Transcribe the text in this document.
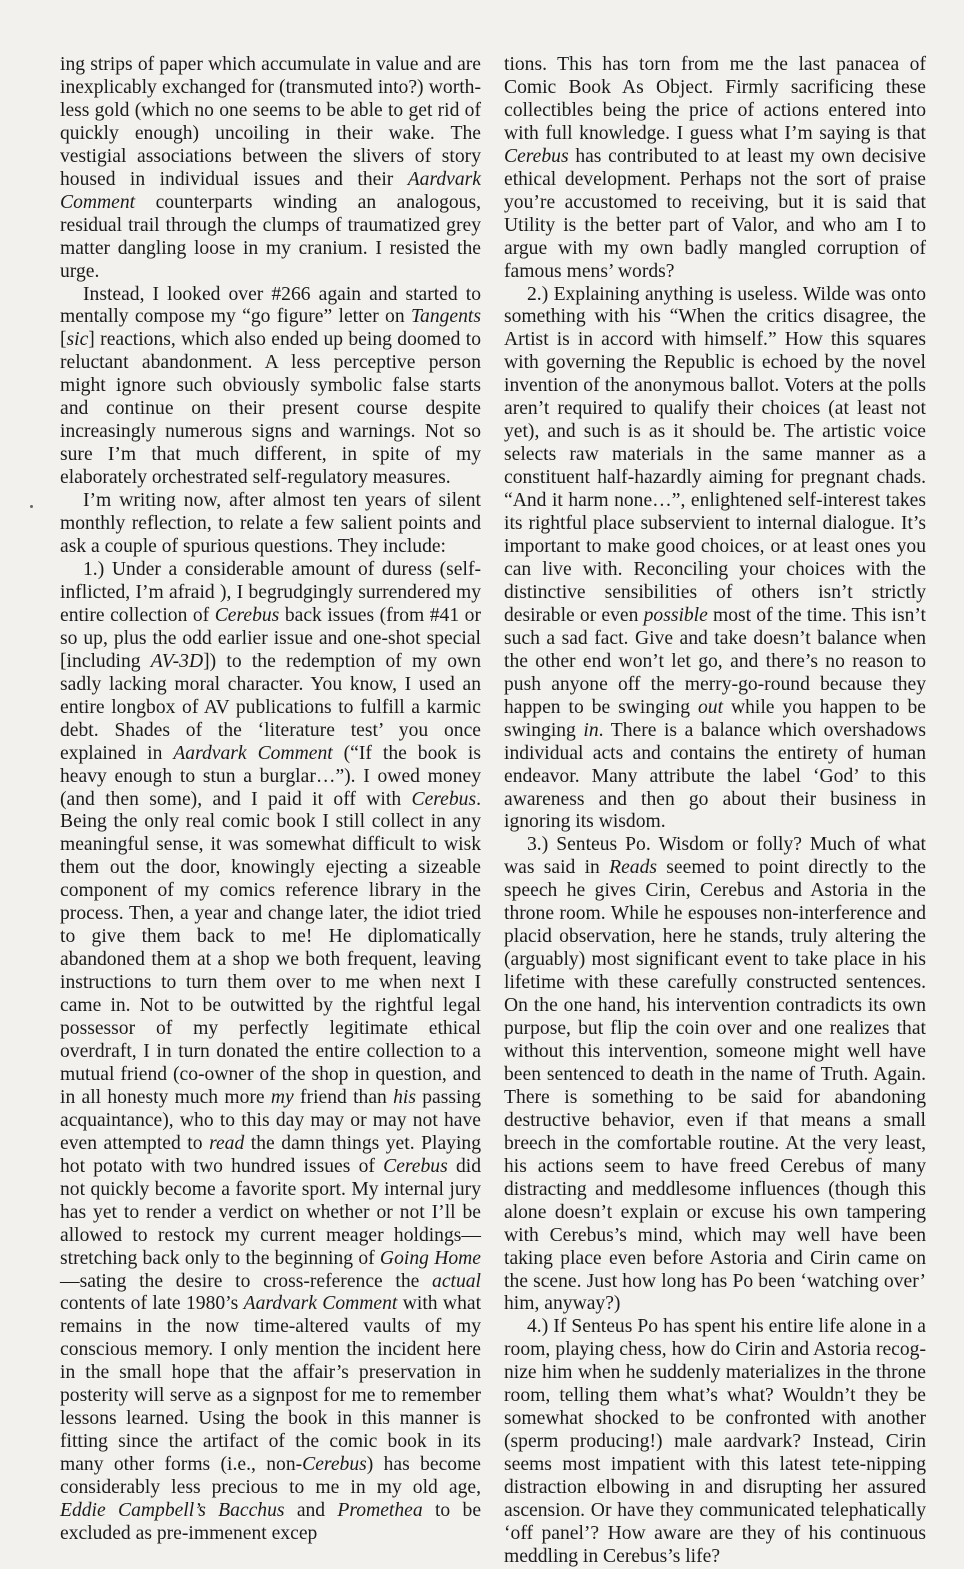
ing strips of paper which accumulate in value and are inexplicably exchanged for (transmuted into?) worthless gold (which no one seems to be able to get rid of quickly enough) uncoiling in their wake. The vestigial associations between the slivers of story housed in individual issues and their Aardvark Comment counterparts winding an analogous, residual trail through the clumps of traumatized grey matter dangling loose in my cranium. I resisted the urge.

Instead, I looked over #266 again and started to mentally compose my “go figure” letter on Tangents [sic] reactions, which also ended up being doomed to reluctant abandonment. A less perceptive person might ignore such obviously symbolic false starts and continue on their present course despite increasingly numerous signs and warnings. Not so sure I’m that much different, in spite of my elaborately orchestrated self-regulatory measures.

I’m writing now, after almost ten years of silent monthly reflection, to relate a few salient points and ask a couple of spurious questions. They include:

1.) Under a considerable amount of duress (self-inflicted, I’m afraid ), I begrudgingly surrendered my entire collection of Cerebus back issues (from #41 or so up, plus the odd earlier issue and one-shot special [including AV-3D]) to the redemption of my own sadly lacking moral character. You know, I used an entire longbox of AV publications to fulfill a karmic debt. Shades of the ‘literature test’ you once explained in Aardvark Comment (“If the book is heavy enough to stun a burglar…”). I owed money (and then some), and I paid it off with Cerebus. Being the only real comic book I still collect in any meaningful sense, it was somewhat difficult to wisk them out the door, knowingly ejecting a sizeable component of my comics reference library in the process. Then, a year and change later, the idiot tried to give them back to me! He diplomatically abandoned them at a shop we both frequent, leaving instructions to turn them over to me when next I came in. Not to be outwitted by the rightful legal possessor of my perfectly legitimate ethical overdraft, I in turn donated the entire collection to a mutual friend (co-owner of the shop in question, and in all honesty much more my friend than his passing acquaintance), who to this day may or may not have even attempted to read the damn things yet. Playing hot potato with two hundred issues of Cerebus did not quickly become a favorite sport. My internal jury has yet to render a verdict on whether or not I’ll be allowed to restock my current meager holdings—stretching back only to the beginning of Going Home—sating the desire to cross-reference the actual contents of late 1980’s Aardvark Comment with what remains in the now time-altered vaults of my conscious memory. I only mention the incident here in the small hope that the affair’s preservation in posterity will serve as a signpost for me to remember lessons learned. Using the book in this manner is fitting since the artifact of the comic book in its many other forms (i.e., non-Cerebus) has become considerably less precious to me in my old age, Eddie Campbell’s Bacchus and Promethea to be excluded as pre-immenent excep

tions. This has torn from me the last panacea of Comic Book As Object. Firmly sacrificing these collectibles being the price of actions entered into with full knowledge. I guess what I’m saying is that Cerebus has contributed to at least my own decisive ethical development. Perhaps not the sort of praise you’re accustomed to receiving, but it is said that Utility is the better part of Valor, and who am I to argue with my own badly mangled corruption of famous mens’ words?

2.) Explaining anything is useless. Wilde was onto something with his “When the critics disagree, the Artist is in accord with himself.” How this squares with governing the Republic is echoed by the novel invention of the anonymous ballot. Voters at the polls aren’t required to qualify their choices (at least not yet), and such is as it should be. The artistic voice selects raw materials in the same manner as a constituent half-hazardly aiming for pregnant chads. “And it harm none…”, enlightened self-interest takes its rightful place subservient to internal dialogue. It’s important to make good choices, or at least ones you can live with. Reconciling your choices with the distinctive sensibilities of others isn’t strictly desirable or even possible most of the time. This isn’t such a sad fact. Give and take doesn’t balance when the other end won’t let go, and there’s no reason to push anyone off the merry-go-round because they happen to be swinging out while you happen to be swinging in. There is a balance which overshadows individual acts and contains the entirety of human endeavor. Many attribute the label ‘God’ to this awareness and then go about their business in ignoring its wisdom.

3.) Senteus Po. Wisdom or folly? Much of what was said in Reads seemed to point directly to the speech he gives Cirin, Cerebus and Astoria in the throne room. While he espouses non-interference and placid observation, here he stands, truly altering the (arguably) most significant event to take place in his lifetime with these carefully constructed sentences. On the one hand, his intervention contradicts its own purpose, but flip the coin over and one realizes that without this intervention, someone might well have been sentenced to death in the name of Truth. Again. There is something to be said for abandoning destructive behavior, even if that means a small breech in the comfortable routine. At the very least, his actions seem to have freed Cerebus of many distracting and meddlesome influences (though this alone doesn’t explain or excuse his own tampering with Cerebus’s mind, which may well have been taking place even before Astoria and Cirin came on the scene. Just how long has Po been ‘watching over’ him, anyway?)

4.) If Senteus Po has spent his entire life alone in a room, playing chess, how do Cirin and Astoria recognize him when he suddenly materializes in the throne room, telling them what’s what? Wouldn’t they be somewhat shocked to be confronted with another (sperm producing!) male aardvark? Instead, Cirin seems most impatient with this latest tete-nipping distraction elbowing in and disrupting her assured ascension. Or have they communicated telephatically ‘off panel’? How aware are they of his continuous meddling in Cerebus’s life?
